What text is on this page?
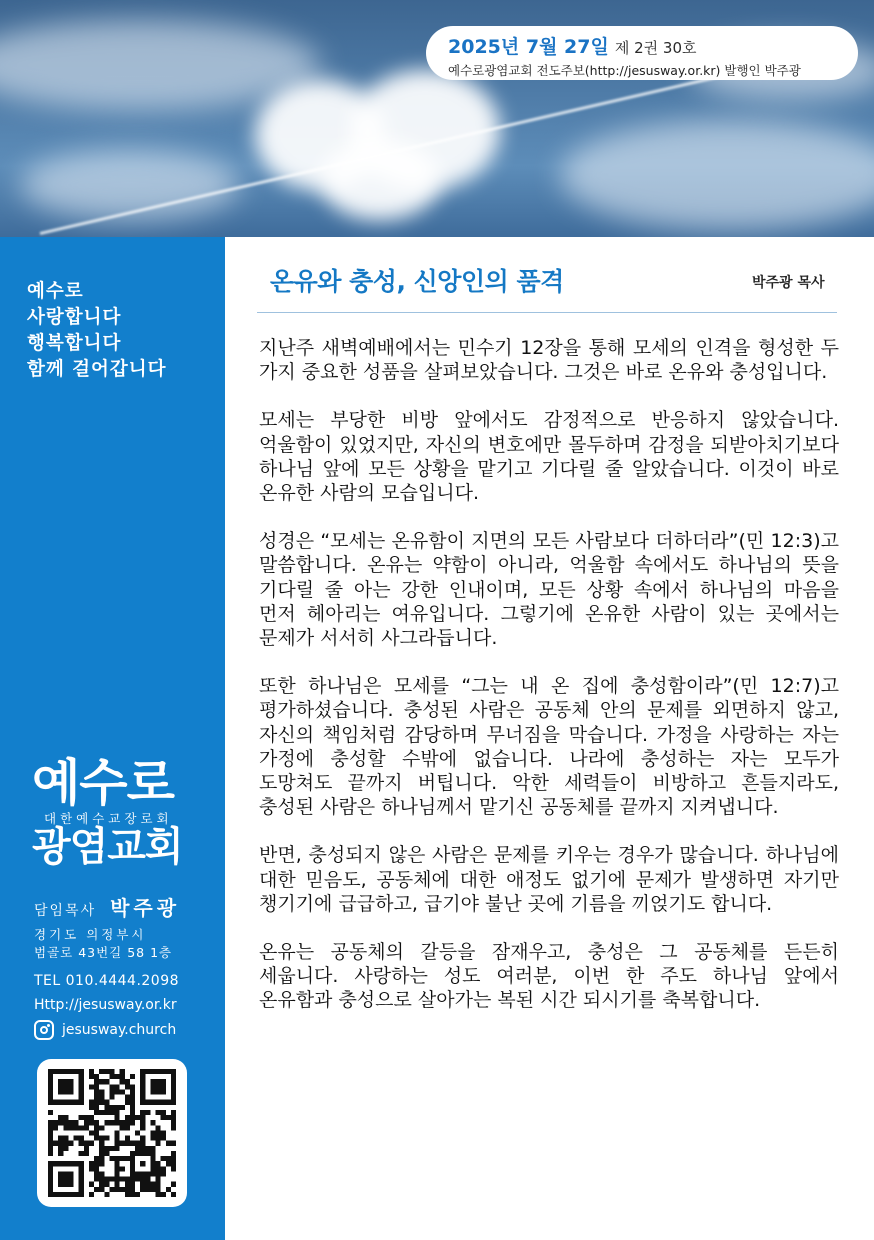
2025년 7월 27일 제 2권 30호
예수로광염교회 전도주보(http://jesusway.or.kr) 발행인 박주광
예수로
사랑합니다
행복합니다
함께 걸어갑니다
예수로
대한예수교장로회
광염교회
담임목사 박주광
경기도 의정부시
범골로 43번길 58 1층
TEL 010.4444.2098
Http://jesusway.or.kr
jesusway.church
온유와 충성, 신앙인의 품격	박주광 목사

지난주 새벽예배에서는 민수기 12장을 통해 모세의 인격을 형성한 두 가지 중요한 성품을 살펴보았습니다. 그것은 바로 온유와 충성입니다.

모세는 부당한 비방 앞에서도 감정적으로 반응하지 않았습니다. 억울함이 있었지만, 자신의 변호에만 몰두하며 감정을 되받아치기보다 하나님 앞에 모든 상황을 맡기고 기다릴 줄 알았습니다. 이것이 바로 온유한 사람의 모습입니다.

성경은 “모세는 온유함이 지면의 모든 사람보다 더하더라”(민 12:3)고 말씀합니다. 온유는 약함이 아니라, 억울함 속에서도 하나님의 뜻을 기다릴 줄 아는 강한 인내이며, 모든 상황 속에서 하나님의 마음을 먼저 헤아리는 여유입니다. 그렇기에 온유한 사람이 있는 곳에서는 문제가 서서히 사그라듭니다.

또한 하나님은 모세를 “그는 내 온 집에 충성함이라”(민 12:7)고 평가하셨습니다. 충성된 사람은 공동체 안의 문제를 외면하지 않고, 자신의 책임처럼 감당하며 무너짐을 막습니다. 가정을 사랑하는 자는 가정에 충성할 수밖에 없습니다. 나라에 충성하는 자는 모두가 도망쳐도 끝까지 버팁니다. 악한 세력들이 비방하고 흔들지라도, 충성된 사람은 하나님께서 맡기신 공동체를 끝까지 지켜냅니다.

반면, 충성되지 않은 사람은 문제를 키우는 경우가 많습니다. 하나님에 대한 믿음도, 공동체에 대한 애정도 없기에 문제가 발생하면 자기만 챙기기에 급급하고, 급기야 불난 곳에 기름을 끼얹기도 합니다.

온유는 공동체의 갈등을 잠재우고, 충성은 그 공동체를 든든히 세웁니다. 사랑하는 성도 여러분, 이번 한 주도 하나님 앞에서 온유함과 충성으로 살아가는 복된 시간 되시기를 축복합니다.
